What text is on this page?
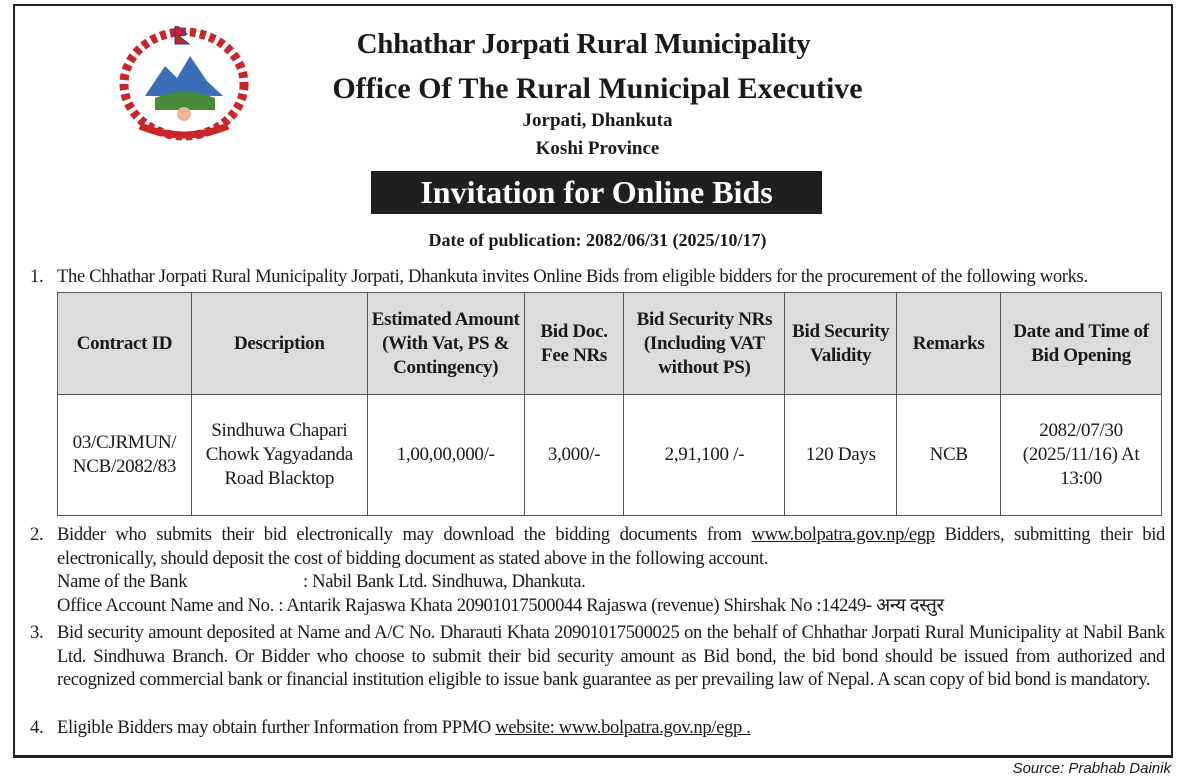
Chhathar Jorpati Rural Municipality
Office Of The Rural Municipal Executive
Jorpati, Dhankuta
Koshi Province
Invitation for Online Bids
Date of publication: 2082/06/31 (2025/10/17)
1. The Chhathar Jorpati Rural Municipality Jorpati, Dhankuta invites Online Bids from eligible bidders for the procurement of the following works.
Contract ID	Description	Estimated Amount (With Vat, PS & Contingency)	Bid Doc. Fee NRs	Bid Security NRs (Including VAT without PS)	Bid Security Validity	Remarks	Date and Time of Bid Opening
03/CJRMUN/ NCB/2082/83	Sindhuwa Chapari Chowk Yagyadanda Road Blacktop	1,00,00,000/-	3,000/-	2,91,100 /-	120 Days	NCB	2082/07/30 (2025/11/16) At 13:00
2. Bidder who submits their bid electronically may download the bidding documents from www.bolpatra.gov.np/egp Bidders, submitting their bid electronically, should deposit the cost of bidding document as stated above in the following account.
Name of the Bank	: Nabil Bank Ltd. Sindhuwa, Dhankuta.
Office Account Name and No. : Antarik Rajaswa Khata 20901017500044 Rajaswa (revenue) Shirshak No :14249- अन्य दस्तुर
3. Bid security amount deposited at Name and A/C No. Dharauti Khata 20901017500025 on the behalf of Chhathar Jorpati Rural Municipality at Nabil Bank Ltd. Sindhuwa Branch. Or Bidder who choose to submit their bid security amount as Bid bond, the bid bond should be issued from authorized and recognized commercial bank or financial institution eligible to issue bank guarantee as per prevailing law of Nepal. A scan copy of bid bond is mandatory.
4. Eligible Bidders may obtain further Information from PPMO website: www.bolpatra.gov.np/egp .
Source: Prabhab Dainik
